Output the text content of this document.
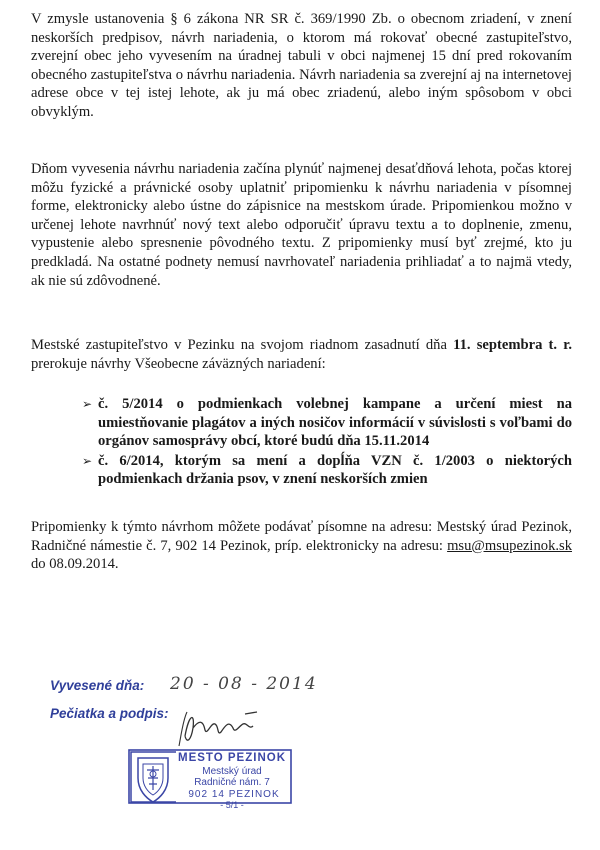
V zmysle ustanovenia § 6 zákona NR SR č. 369/1990 Zb. o obecnom zriadení, v znení neskorších predpisov, návrh nariadenia, o ktorom má rokovať obecné zastupiteľstvo, zverejní obec jeho vyvesením na úradnej tabuli v obci najmenej 15 dní pred rokovaním obecného zastupiteľstva o návrhu nariadenia. Návrh nariadenia sa zverejní aj na internetovej adrese obce v tej istej lehote, ak ju má obec zriadenú, alebo iným spôsobom v obci obvyklým.

Dňom vyvesenia návrhu nariadenia začína plynúť najmenej desaťdňová lehota, počas ktorej môžu fyzické a právnické osoby uplatniť pripomienku k návrhu nariadenia v písomnej forme, elektronicky alebo ústne do zápisnice na mestskom úrade. Pripomienkou možno v určenej lehote navrhnúť nový text alebo odporučiť úpravu textu a to doplnenie, zmenu, vypustenie alebo spresnenie pôvodného textu. Z pripomienky musí byť zrejmé, kto ju predkladá. Na ostatné podnety nemusí navrhovateľ nariadenia prihliadať a to najmä vtedy, ak nie sú zdôvodnené.

Mestské zastupiteľstvo v Pezinku na svojom riadnom zasadnutí dňa 11. septembra t. r. prerokuje návrhy Všeobecne záväzných nariadení:

➢ č. 5/2014 o podmienkach volebnej kampane a určení miest na umiestňovanie plagátov a iných nosičov informácií v súvislosti s voľbami do orgánov samosprávy obcí, ktoré budú dňa 15.11.2014
➢ č. 6/2014, ktorým sa mení a dopĺňa VZN č. 1/2003 o niektorých podmienkach držania psov, v znení neskorších zmien

Pripomienky k týmto návrhom môžete podávať písomne na adresu: Mestský úrad Pezinok, Radničné námestie č. 7, 902 14 Pezinok, príp. elektronicky na adresu: msu@msupezinok.sk do 08.09.2014.

Vyvesené dňa: 20 - 08 - 2014
Pečiatka a podpis:
MESTO PEZINOK
Mestský úrad
Radničné nám. 7
902 14 PEZINOK
- 5/1 -
